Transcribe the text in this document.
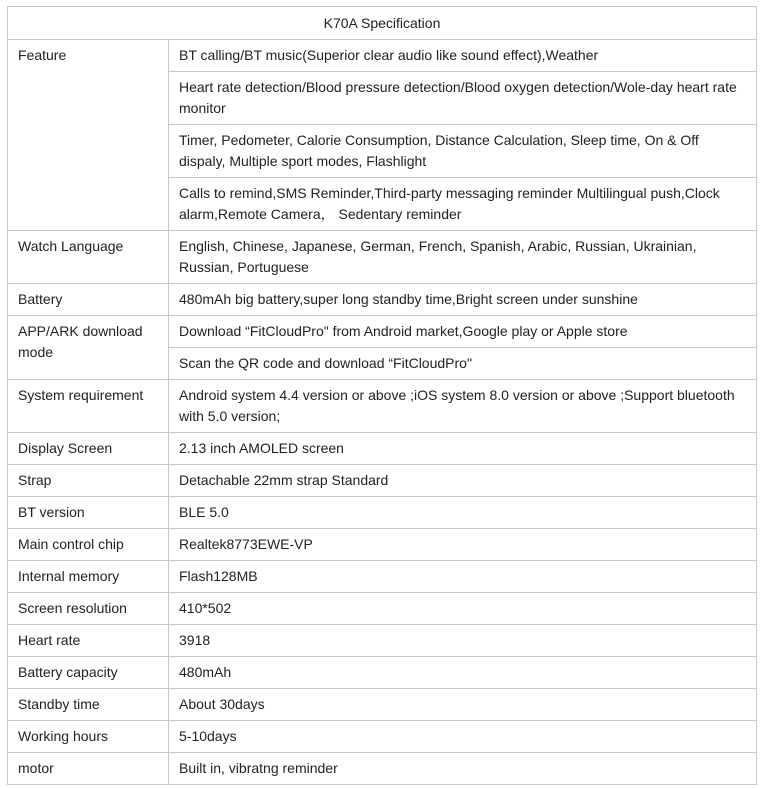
K70A Specification	
Feature	BT calling/BT music(Superior clear audio like sound effect),Weather
	Heart rate detection/Blood pressure detection/Blood oxygen detection/Wole-day heart rate monitor
	Timer, Pedometer, Calorie Consumption, Distance Calculation, Sleep time, On & Off dispaly, Multiple sport modes, Flashlight
	Calls to remind,SMS Reminder,Third-party messaging reminder Multilingual push,Clock alarm,Remote Camera， Sedentary reminder
Watch Language	English, Chinese, Japanese, German, French, Spanish, Arabic, Russian, Ukrainian, Russian, Portuguese
Battery	480mAh big battery,super long standby time,Bright screen under sunshine
APP/ARK download mode	Download “FitCloudPro" from Android market,Google play or Apple store
	Scan the QR code and download “FitCloudPro"
System requirement	Android system 4.4 version or above ;iOS system 8.0 version or above ;Support bluetooth with 5.0 version;
Display Screen	2.13 inch AMOLED screen
Strap	Detachable 22mm strap Standard
BT version	BLE 5.0
Main control chip	Realtek8773EWE-VP
Internal memory	Flash128MB
Screen resolution	410*502
Heart rate	3918
Battery capacity	480mAh
Standby time	About 30days
Working hours	5-10days
motor	Built in, vibratng reminder
